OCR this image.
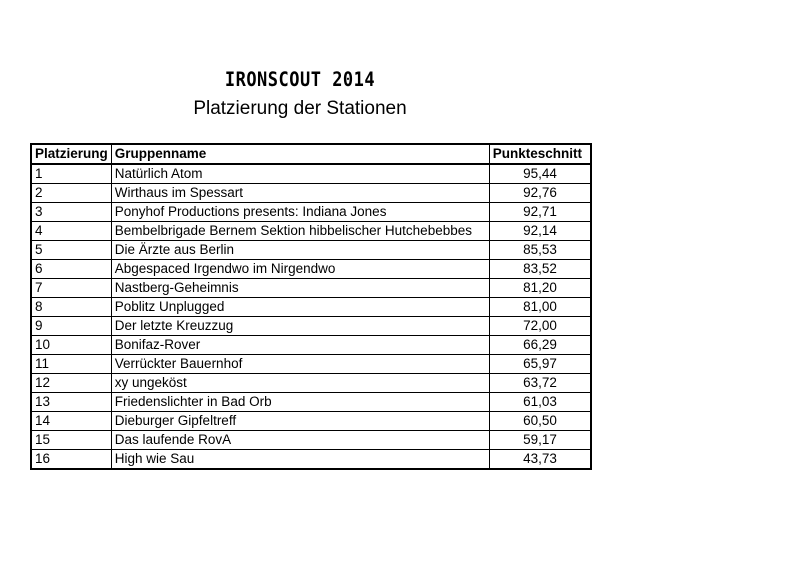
IRONSCOUT 2014
Platzierung der Stationen
Platzierung	Gruppenname	Punkteschnitt
1	Natürlich Atom	95,44
2	Wirthaus im Spessart	92,76
3	Ponyhof Productions presents: Indiana Jones	92,71
4	Bembelbrigade Bernem Sektion hibbelischer Hutchebebbes	92,14
5	Die Ärzte aus Berlin	85,53
6	Abgespaced Irgendwo im Nirgendwo	83,52
7	Nastberg-Geheimnis	81,20
8	Poblitz Unplugged	81,00
9	Der letzte Kreuzzug	72,00
10	Bonifaz-Rover	66,29
11	Verrückter Bauernhof	65,97
12	xy ungeköst	63,72
13	Friedenslichter in Bad Orb	61,03
14	Dieburger Gipfeltreff	60,50
15	Das laufende RovA	59,17
16	High wie Sau	43,73
